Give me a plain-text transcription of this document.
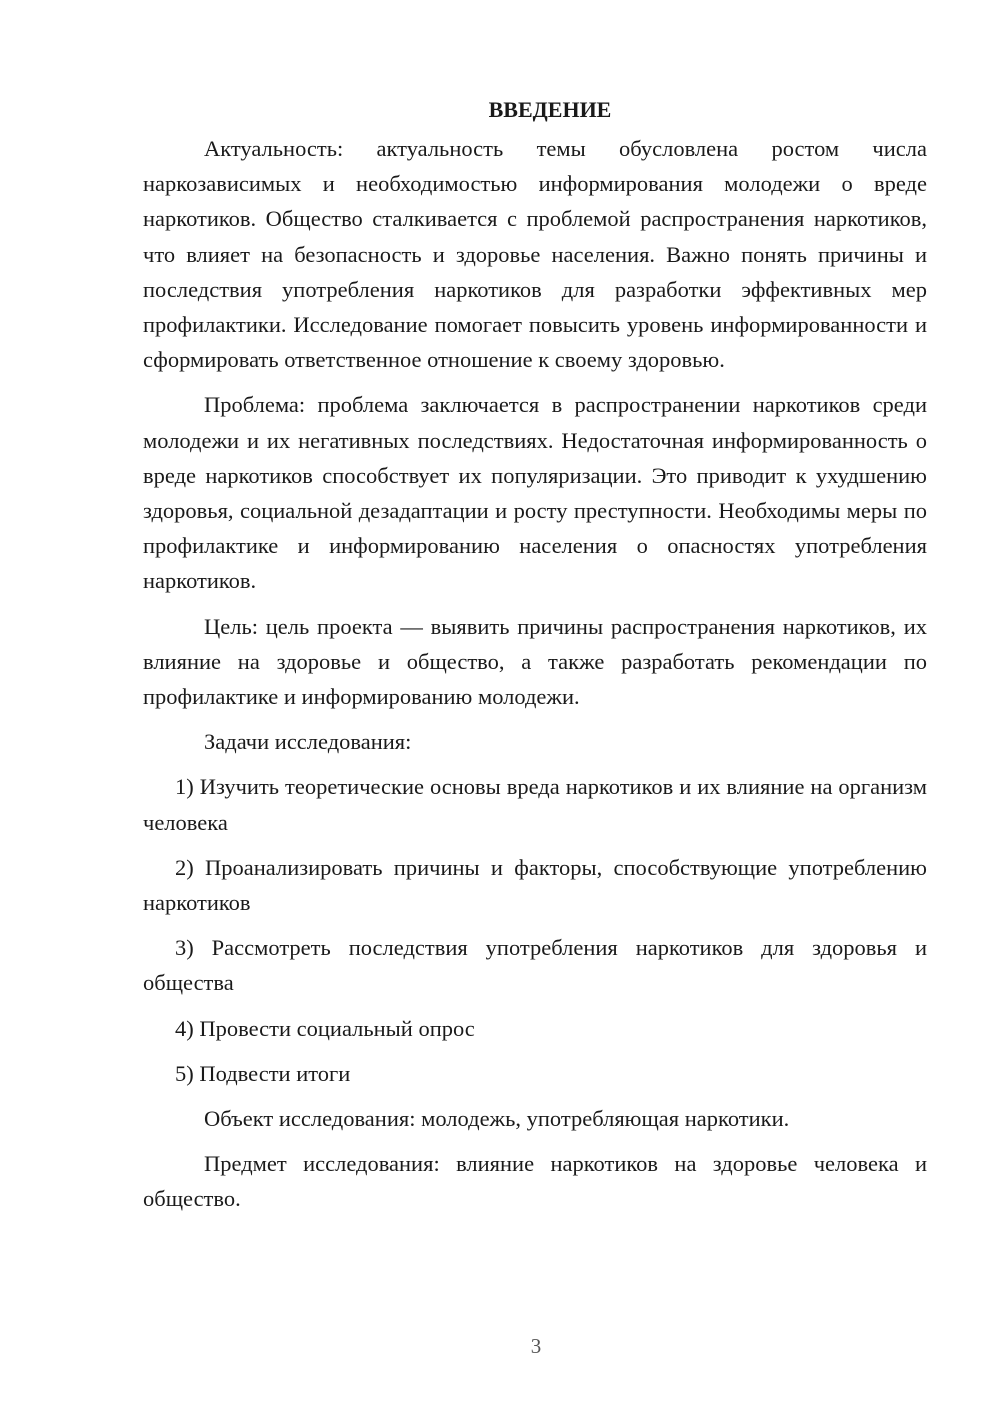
ВВЕДЕНИЕ

Актуальность: актуальность темы обусловлена ростом числа наркозависимых и необходимостью информирования молодежи о вреде наркотиков. Общество сталкивается с проблемой распространения наркотиков, что влияет на безопасность и здоровье населения. Важно понять причины и последствия употребления наркотиков для разработки эффективных мер профилактики. Исследование помогает повысить уровень информированности и сформировать ответственное отношение к своему здоровью.

Проблема: проблема заключается в распространении наркотиков среди молодежи и их негативных последствиях. Недостаточная информированность о вреде наркотиков способствует их популяризации. Это приводит к ухудшению здоровья, социальной дезадаптации и росту преступности. Необходимы меры по профилактике и информированию населения о опасностях употребления наркотиков.

Цель: цель проекта — выявить причины распространения наркотиков, их влияние на здоровье и общество, а также разработать рекомендации по профилактике и информированию молодежи.

Задачи исследования:

1) Изучить теоретические основы вреда наркотиков и их влияние на организм человека

2) Проанализировать причины и факторы, способствующие употреблению наркотиков

3) Рассмотреть последствия употребления наркотиков для здоровья и общества

4) Провести социальный опрос

5) Подвести итоги

Объект исследования: молодежь, употребляющая наркотики.

Предмет исследования: влияние наркотиков на здоровье человека и общество.

3
